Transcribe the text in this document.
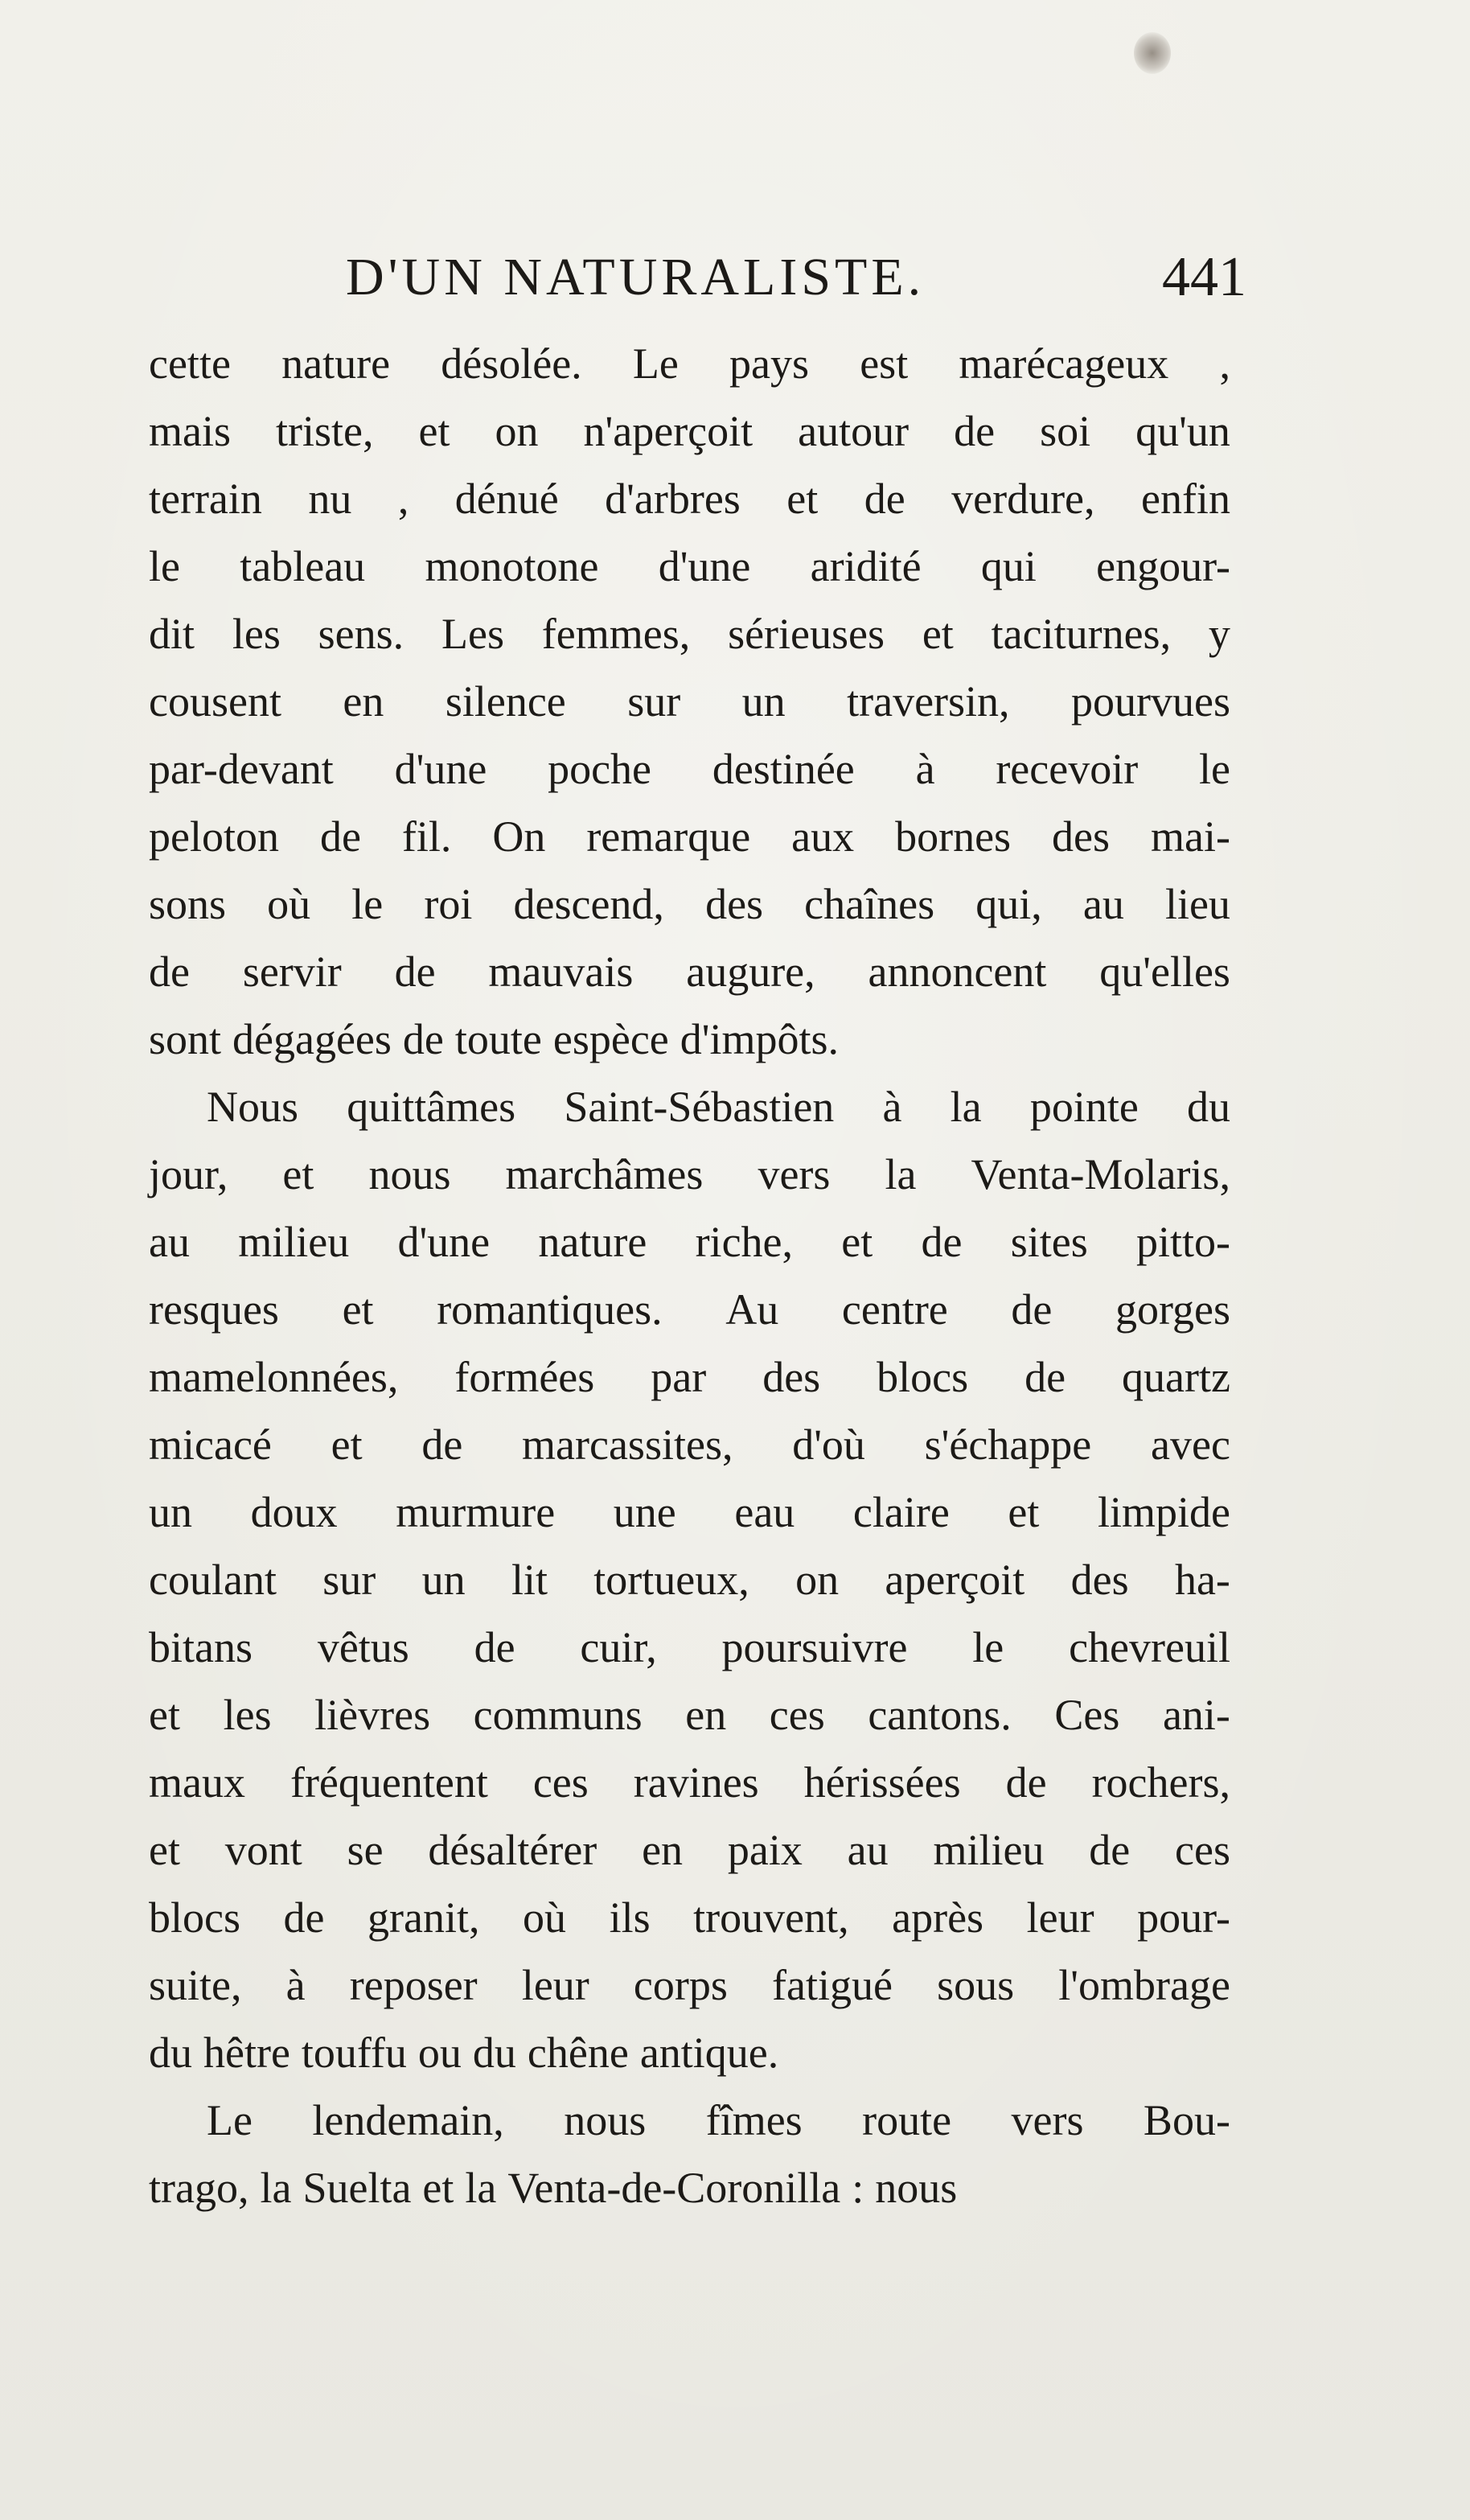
D'UN NATURALISTE.	441
cette nature désolée. Le pays est marécageux ,
mais triste, et on n'aperçoit autour de soi qu'un
terrain nu , dénué d'arbres et de verdure, enfin
le tableau monotone d'une aridité qui engour-
dit les sens. Les femmes, sérieuses et taciturnes, y
cousent en silence sur un traversin, pourvues
par-devant d'une poche destinée à recevoir le
peloton de fil. On remarque aux bornes des mai-
sons où le roi descend, des chaînes qui, au lieu
de servir de mauvais augure, annoncent qu'elles
sont dégagées de toute espèce d'impôts.
Nous quittâmes Saint-Sébastien à la pointe du
jour, et nous marchâmes vers la Venta-Molaris,
au milieu d'une nature riche, et de sites pitto-
resques et romantiques. Au centre de gorges
mamelonnées, formées par des blocs de quartz
micacé et de marcassites, d'où s'échappe avec
un doux murmure une eau claire et limpide
coulant sur un lit tortueux, on aperçoit des ha-
bitans vêtus de cuir, poursuivre le chevreuil
et les lièvres communs en ces cantons. Ces ani-
maux fréquentent ces ravines hérissées de rochers,
et vont se désaltérer en paix au milieu de ces
blocs de granit, où ils trouvent, après leur pour-
suite, à reposer leur corps fatigué sous l'ombrage
du hêtre touffu ou du chêne antique.
Le lendemain, nous fîmes route vers Bou-
trago, la Suelta et la Venta-de-Coronilla : nous
